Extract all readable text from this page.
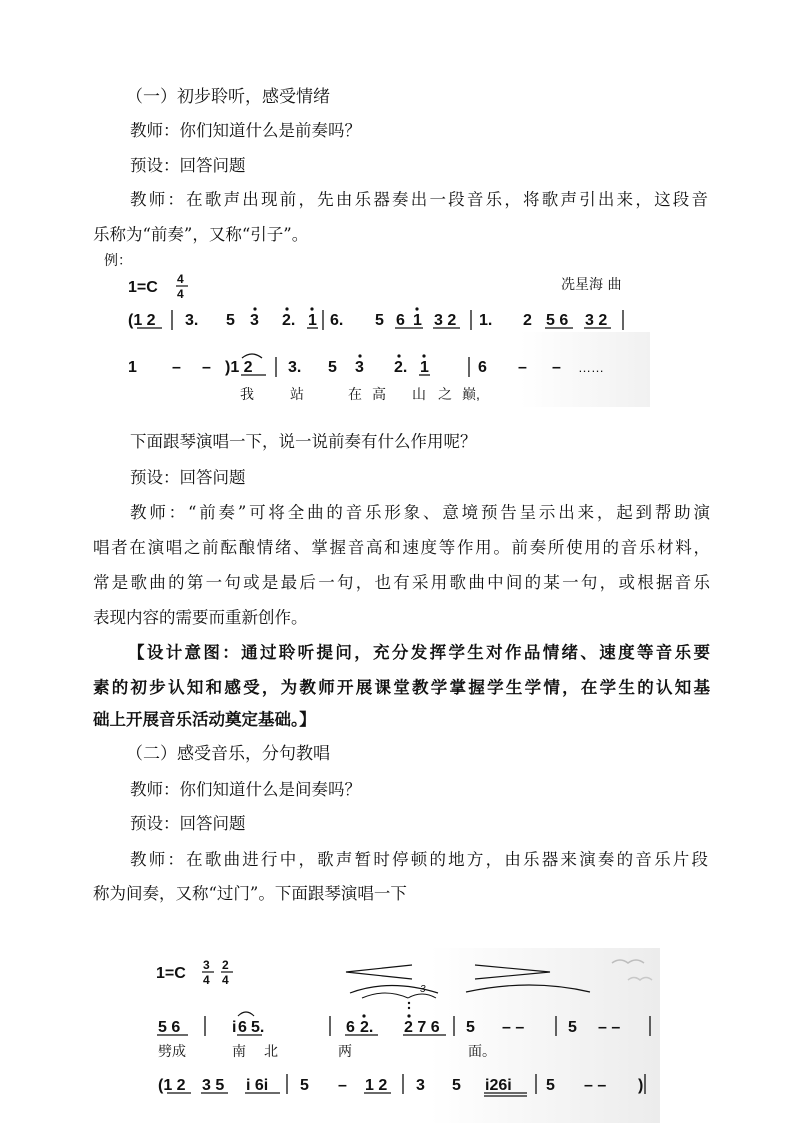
（一）初步聆听，感受情绪
教师：你们知道什么是前奏吗？
预设：回答问题
教师：在歌声出现前，先由乐器奏出一段音乐，将歌声引出来，这段音
乐称为“前奏”，又称“引子”。
例：
1=C 4
4
冼星海 曲
(1 2 3. 5 3 2. 1 6. 5 6 1 3 2 1. 2 5 6 3 2
1 – – )1 2 3. 5 3 2. 1	6 – – ……
我	站	在 高 山 之 巅,
下面跟琴演唱一下，说一说前奏有什么作用呢？
预设：回答问题
教师：“前奏”可将全曲的音乐形象、意境预告呈示出来，起到帮助演
唱者在演唱之前酝酿情绪、掌握音高和速度等作用。前奏所使用的音乐材料，
常是歌曲的第一句或是最后一句，也有采用歌曲中间的某一句，或根据音乐
表现内容的需要而重新创作。
【设计意图：通过聆听提问，充分发挥学生对作品情绪、速度等音乐要
素的初步认知和感受，为教师开展课堂教学掌握学生学情，在学生的认知基
础上开展音乐活动奠定基础。】
（二）感受音乐，分句教唱
教师：你们知道什么是间奏吗？
预设：回答问题
教师：在歌曲进行中，歌声暂时停顿的地方，由乐器来演奏的音乐片段
称为间奏，又称“过门”。下面跟琴演唱一下
1=C 3
4
2
4
3
5 6	i 6 5.	6 2. 2 7 6 5 – –	5 – –
劈成	南 北	两	面。
(1 2 3 5 i 6i 5 – 1 2 3 5 i26i 5 – – )
